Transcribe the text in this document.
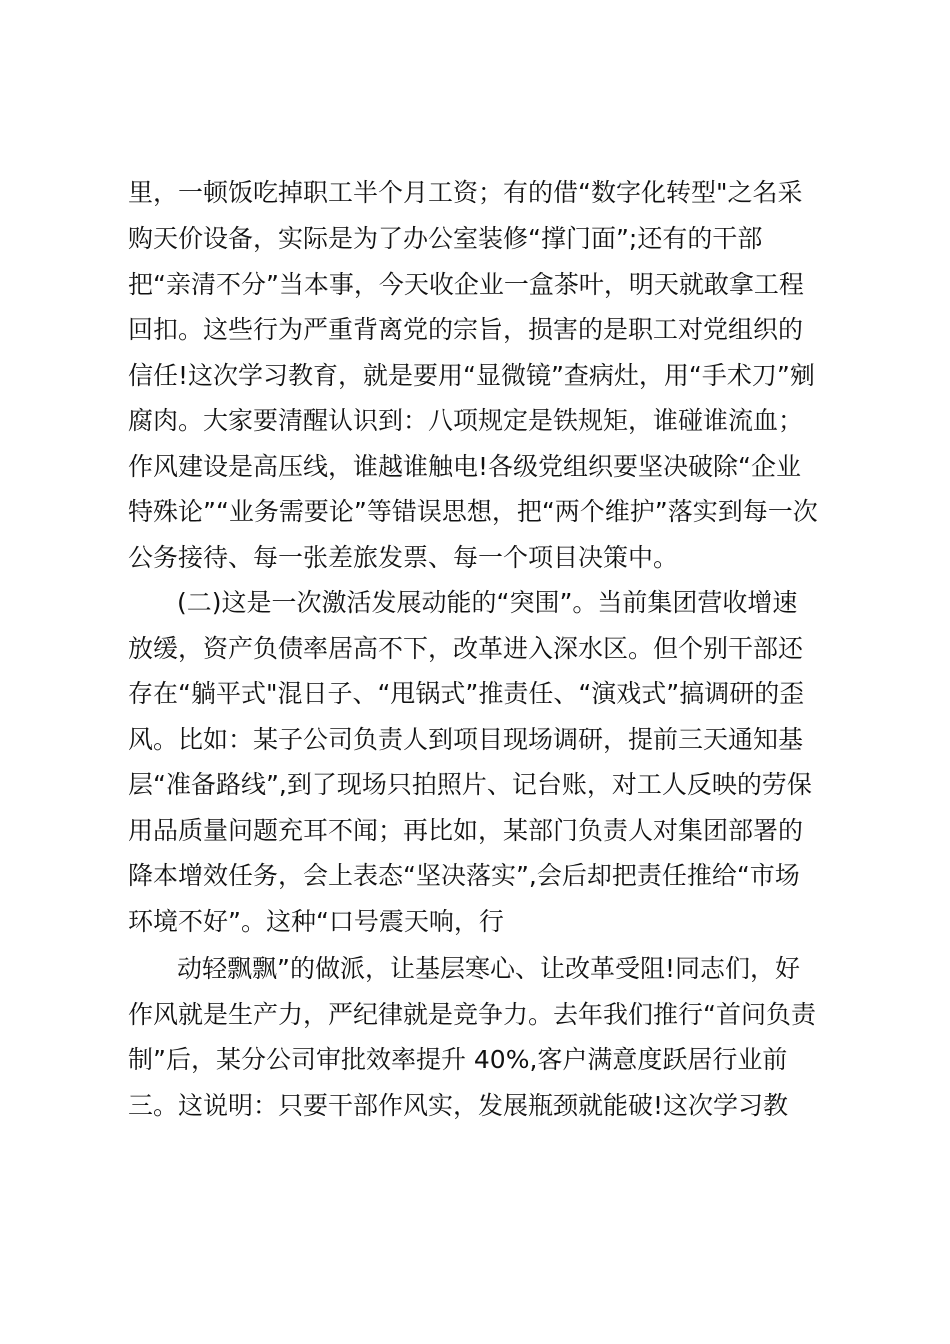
里，一顿饭吃掉职工半个月工资；有的借“数字化转型"之名采
购天价设备，实际是为了办公室装修“撑门面”;还有的干部
把“亲清不分”当本事，今天收企业一盒茶叶，明天就敢拿工程
回扣。这些行为严重背离党的宗旨，损害的是职工对党组织的
信任!这次学习教育，就是要用“显微镜”查病灶，用“手术刀”剜
腐肉。大家要清醒认识到：八项规定是铁规矩，谁碰谁流血；
作风建设是高压线，谁越谁触电!各级党组织要坚决破除“企业
特殊论”“业务需要论”等错误思想，把“两个维护”落实到每一次
公务接待、每一张差旅发票、每一个项目决策中。
(二)这是一次激活发展动能的“突围”。当前集团营收增速
放缓，资产负债率居高不下，改革进入深水区。但个别干部还
存在“躺平式"混日子、“甩锅式”推责任、“演戏式”搞调研的歪
风。比如：某子公司负责人到项目现场调研，提前三天通知基
层“准备路线”,到了现场只拍照片、记台账，对工人反映的劳保
用品质量问题充耳不闻；再比如，某部门负责人对集团部署的
降本增效任务，会上表态“坚决落实”,会后却把责任推给“市场
环境不好”。这种“口号震天响，行
动轻飘飘”的做派，让基层寒心、让改革受阻!同志们，好
作风就是生产力，严纪律就是竞争力。去年我们推行“首问负责
制”后，某分公司审批效率提升 40%,客户满意度跃居行业前
三。这说明：只要干部作风实，发展瓶颈就能破!这次学习教
